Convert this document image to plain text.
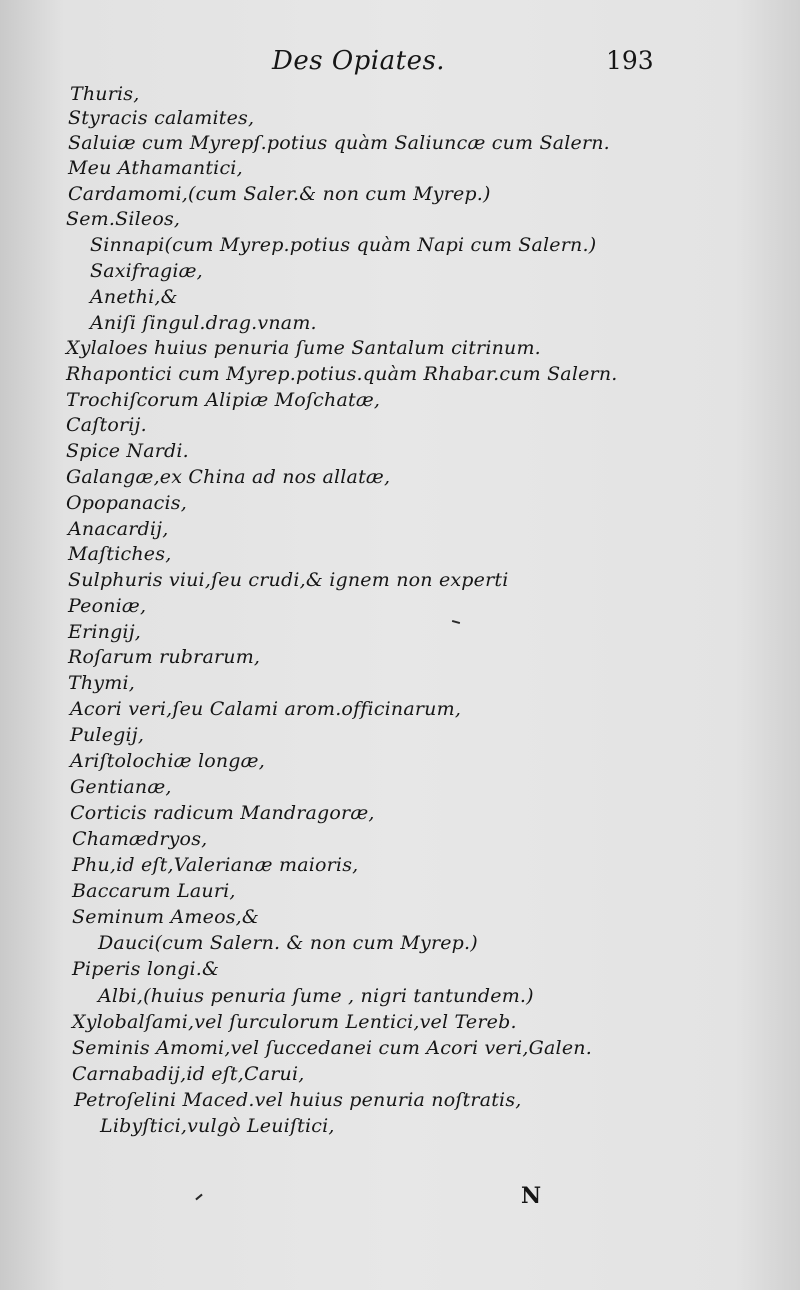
Des Opiates.	193
Thuris,
Styracis calamites,
Saluiæ cum Myrepſ.potius quàm Saliuncæ cum Salern.
Meu Athamantici,
Cardamomi,(cum Saler.& non cum Myrep.)
Sem.Sileos,
Sinnapi(cum Myrep.potius quàm Napi cum Salern.)
Saxifragiæ,
Anethi,&
Aniſi ſingul.drag.vnam.
Xylaloes huius penuria ſume Santalum citrinum.
Rhapontici cum Myrep.potius.quàm Rhabar.cum Salern.
Trochiſcorum Alipiæ Moſchatæ,
Caſtorij.
Spice Nardi.
Galangæ,ex China ad nos allatæ,
Opopanacis,
Anacardij,
Maſtiches,
Sulphuris viui,ſeu crudi,& ignem non experti
Peoniæ,
Eringij,
Roſarum rubrarum,
Thymi,
Acori veri,ſeu Calami arom.officinarum,
Pulegij,
Ariſtolochiæ longæ,
Gentianæ,
Corticis radicum Mandragoræ,
Chamædryos,
Phu,id eſt,Valerianæ maioris,
Baccarum Lauri,
Seminum Ameos,&
Dauci(cum Salern. & non cum Myrep.)
Piperis longi.&
Albi,(huius penuria ſume , nigri tantundem.)
Xylobalſami,vel ſurculorum Lentici,vel Tereb.
Seminis Amomi,vel ſuccedanei cum Acori veri,Galen.
Carnabadij,id eſt,Carui,
Petroſelini Maced.vel huius penuria noſtratis,
Libyſtici,vulgò Leuiſtici,
N
